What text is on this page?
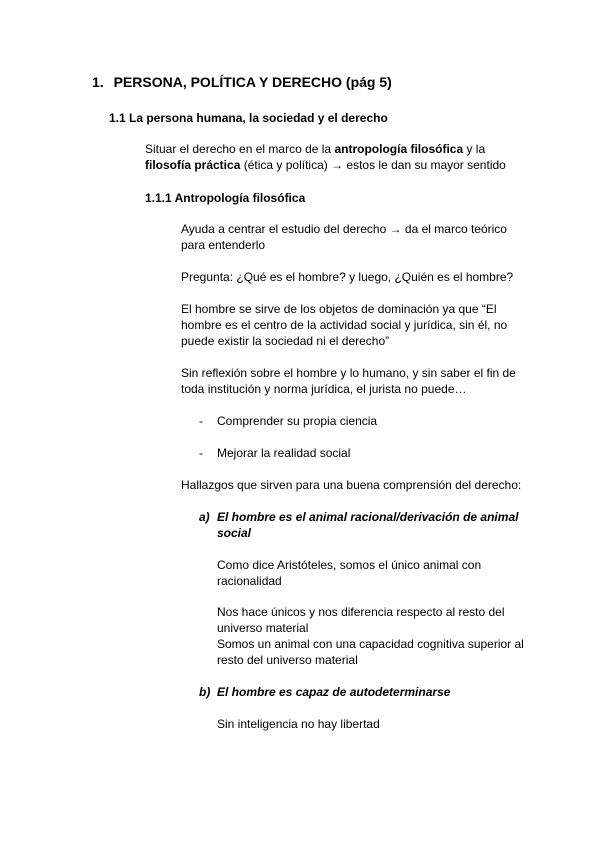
1. PERSONA, POLÍTICA Y DERECHO (pág 5)
1.1 La persona humana, la sociedad y el derecho
Situar el derecho en el marco de la antropología filosófica y la
filosofía práctica (ética y política) → estos le dan su mayor sentido
1.1.1 Antropología filosófica
Ayuda a centrar el estudio del derecho → da el marco teórico
para entenderlo
Pregunta: ¿Qué es el hombre? y luego, ¿Quién es el hombre?
El hombre se sirve de los objetos de dominación ya que “El
hombre es el centro de la actividad social y jurídica, sin él, no
puede existir la sociedad ni el derecho”
Sin reflexión sobre el hombre y lo humano, y sin saber el fin de
toda institución y norma jurídica, el jurista no puede…
- Comprender su propia ciencia
- Mejorar la realidad social
Hallazgos que sirven para una buena comprensión del derecho:
a) El hombre es el animal racional/derivación de animal
social
Como dice Aristóteles, somos el único animal con
racionalidad
Nos hace únicos y nos diferencia respecto al resto del
universo material
Somos un animal con una capacidad cognitiva superior al
resto del universo material
b) El hombre es capaz de autodeterminarse
Sin inteligencia no hay libertad
